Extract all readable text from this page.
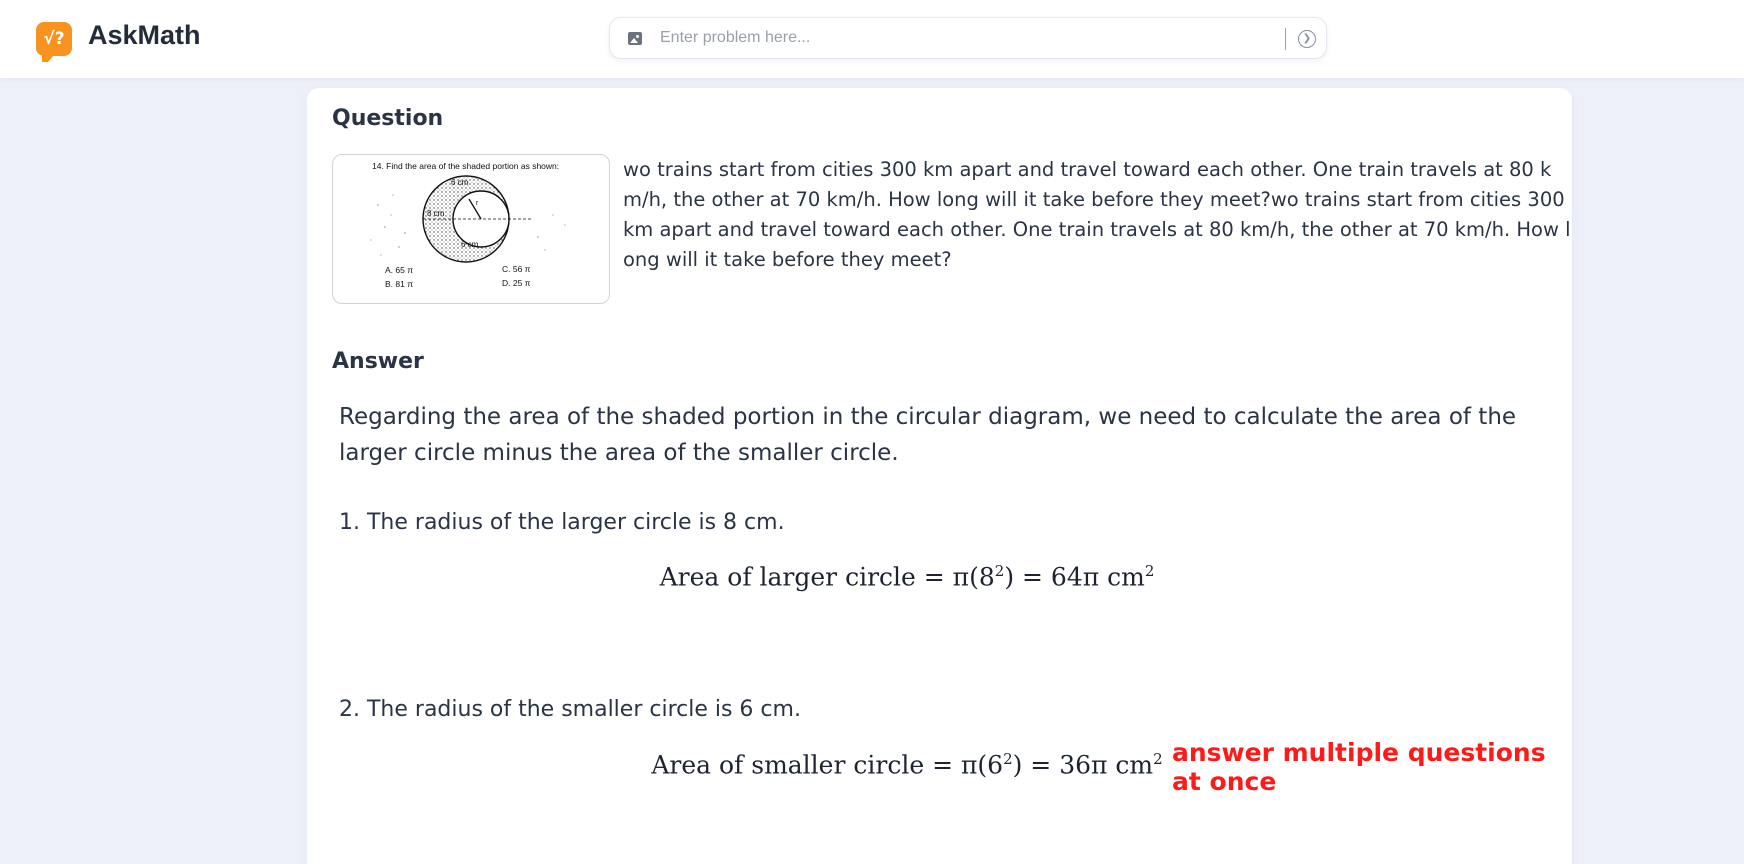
√? AskMath
Enter problem here...	❯
Question
14. Find the area of the shaded portion as shown:
6 cm
8 cm
6 cm
r
A. 65 π
B. 81 π
C. 56 π
D. 25 π
wo trains start from cities 300 km apart and travel toward each other. One train travels at 80 km/h, the other at 70 km/h. How long will it take before they meet?wo trains start from cities 300 km apart and travel toward each other. One train travels at 80 km/h, the other at 70 km/h. How long will it take before they meet?
Answer

Regarding the area of the shaded portion in the circular diagram, we need to calculate the area of the larger circle minus the area of the smaller circle.

1. The radius of the larger circle is 8 cm.

Area of larger circle = $\pi(8^2) = 64\pi$ $cm^2$
answer multiple questions at once

2. The radius of the smaller circle is 6 cm.

Area of smaller circle = $\pi(6^2) = 36\pi$ $cm^2$
